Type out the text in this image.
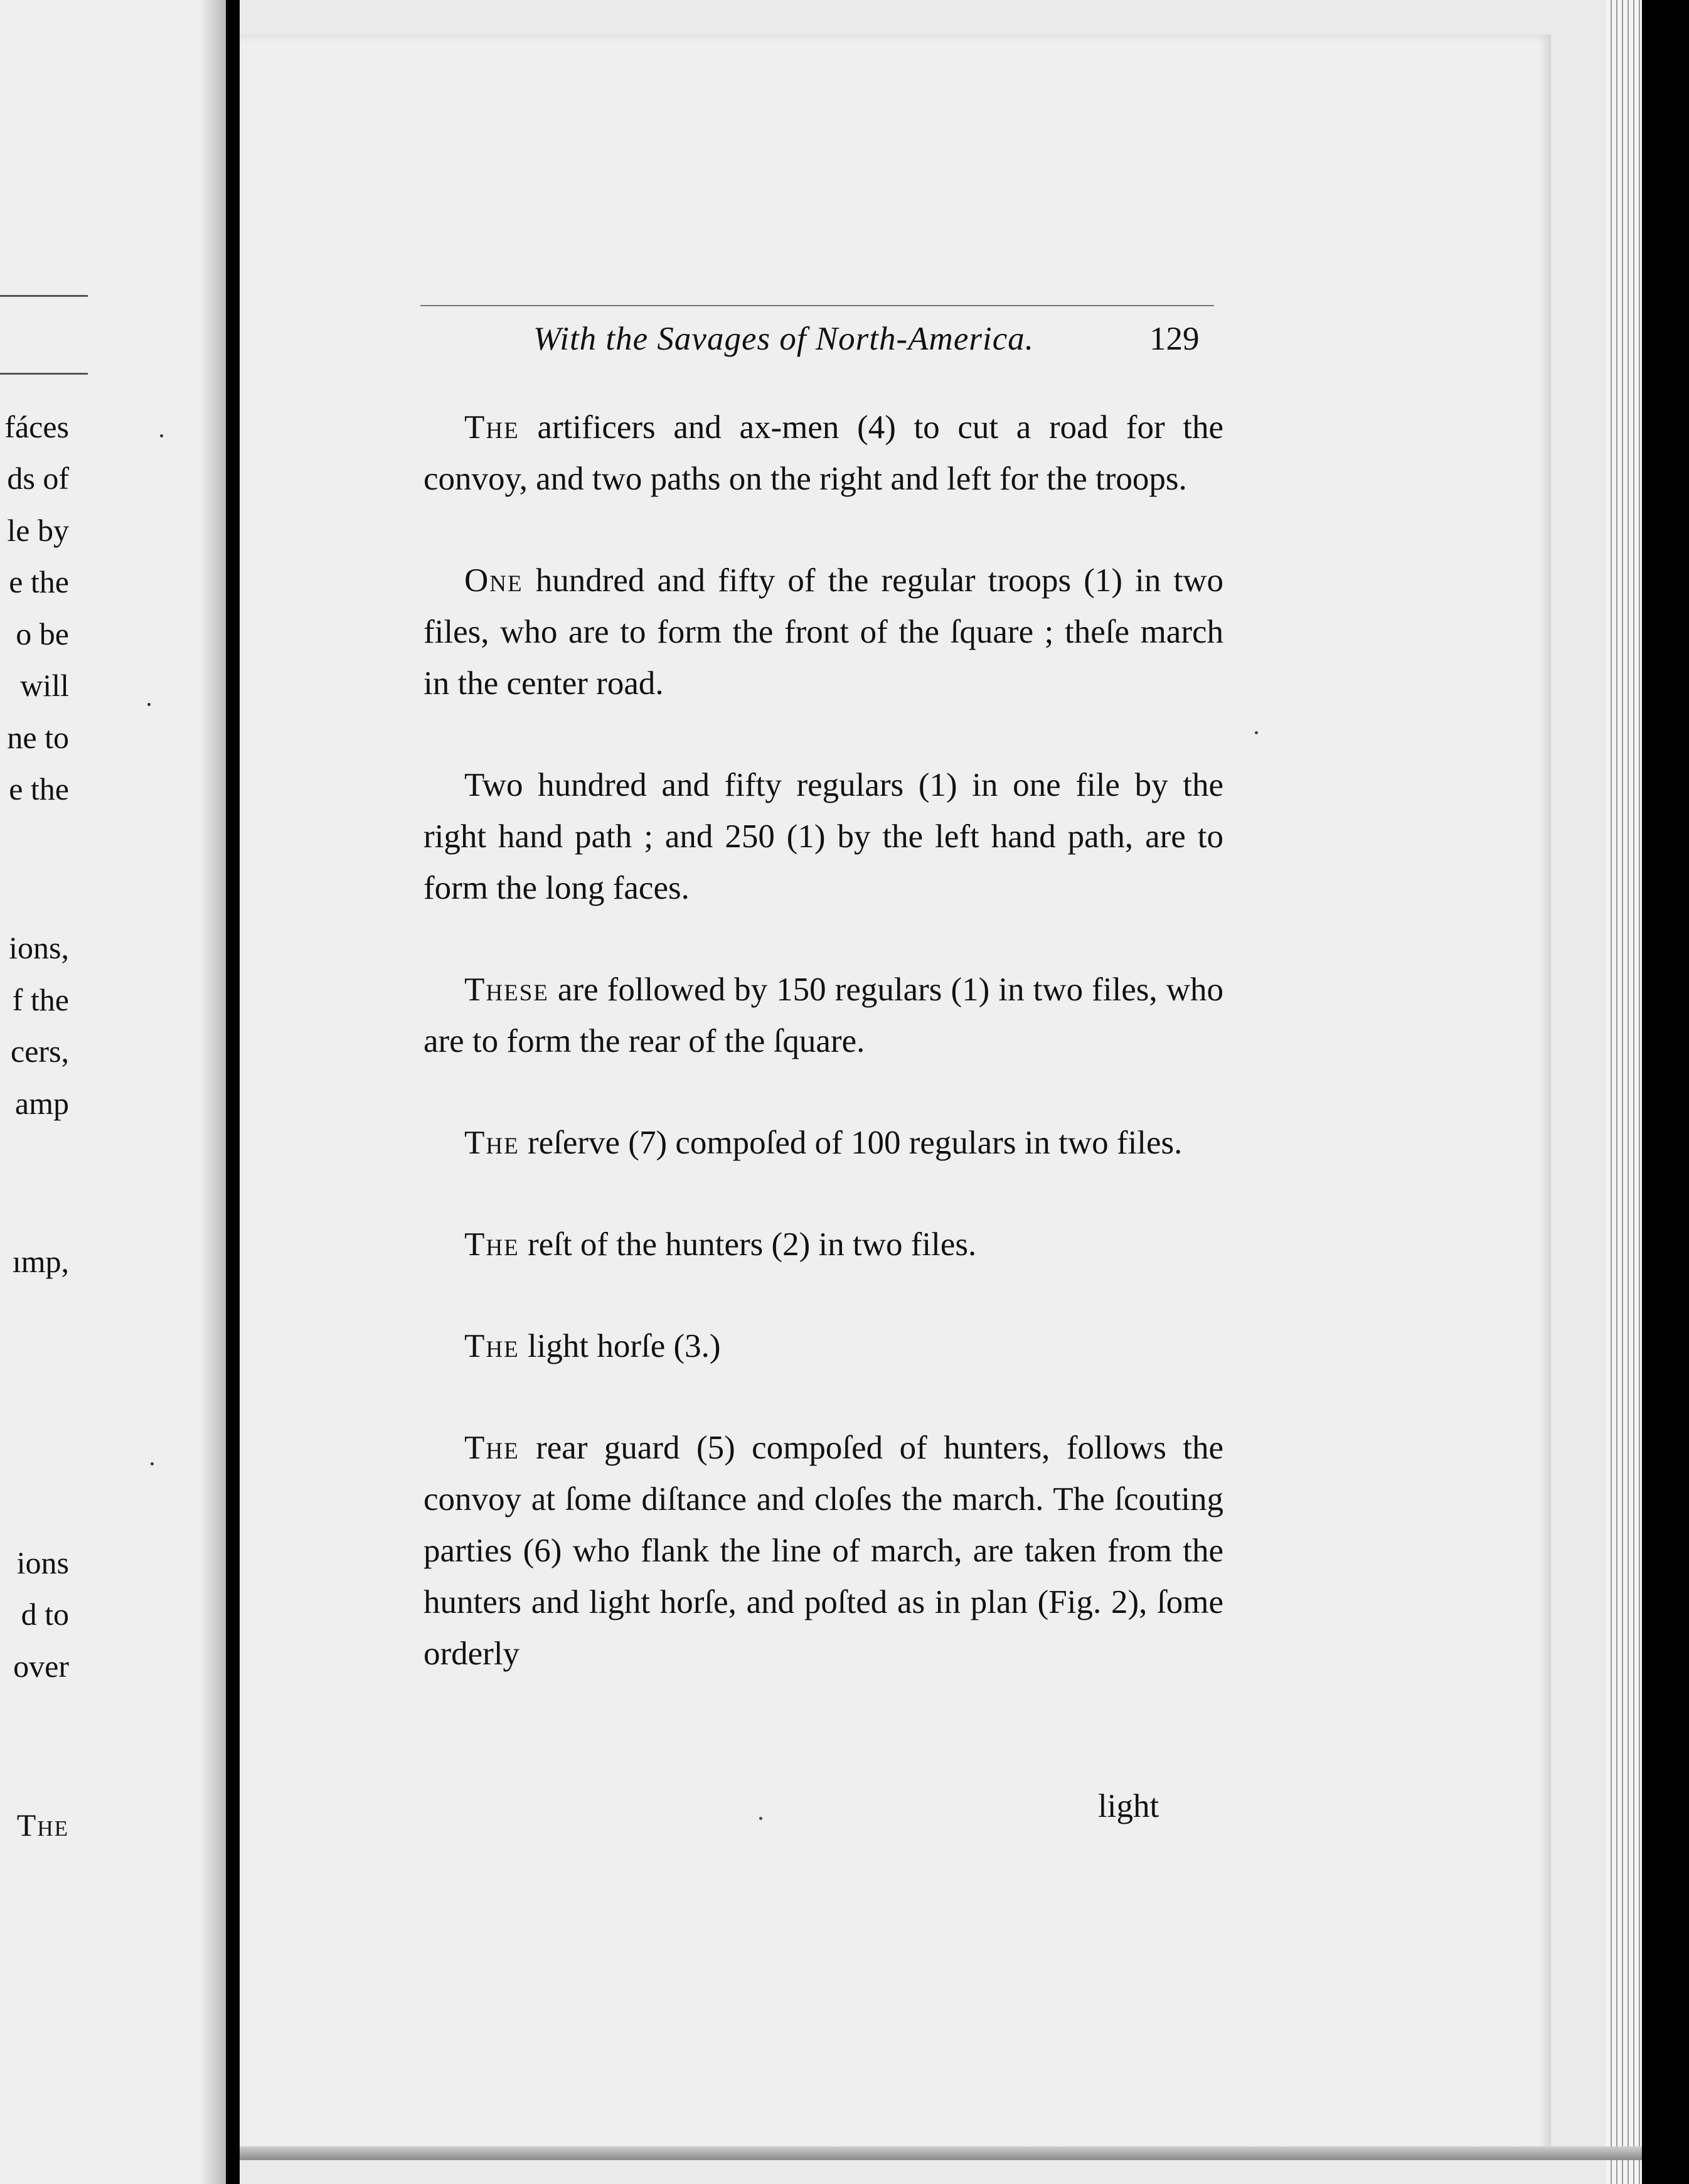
fáces
ds of
le by
e the
o be
will
ne to
e the
ions,
f the
cers,
amp
ımp,
ions
d to
over
The
With the Savages of North-America.	129

The artificers and ax-men (4) to cut a road for the convoy, and two paths on the right and left for the troops.

One hundred and fifty of the regular troops (1) in two files, who are to form the front of the ſquare ; theſe march in the center road.

Two hundred and fifty regulars (1) in one file by the right hand path ; and 250 (1) by the left hand path, are to form the long faces.

These are followed by 150 regulars (1) in two files, who are to form the rear of the ſquare.

The reſerve (7) compoſed of 100 regulars in two files.

The reſt of the hunters (2) in two files.

The light horſe (3.)

The rear guard (5) compoſed of hunters, follows the convoy at ſome diſtance and cloſes the march. The ſcouting parties (6) who flank the line of march, are taken from the hunters and light horſe, and poſted as in plan (Fig. 2), ſome orderly

light
